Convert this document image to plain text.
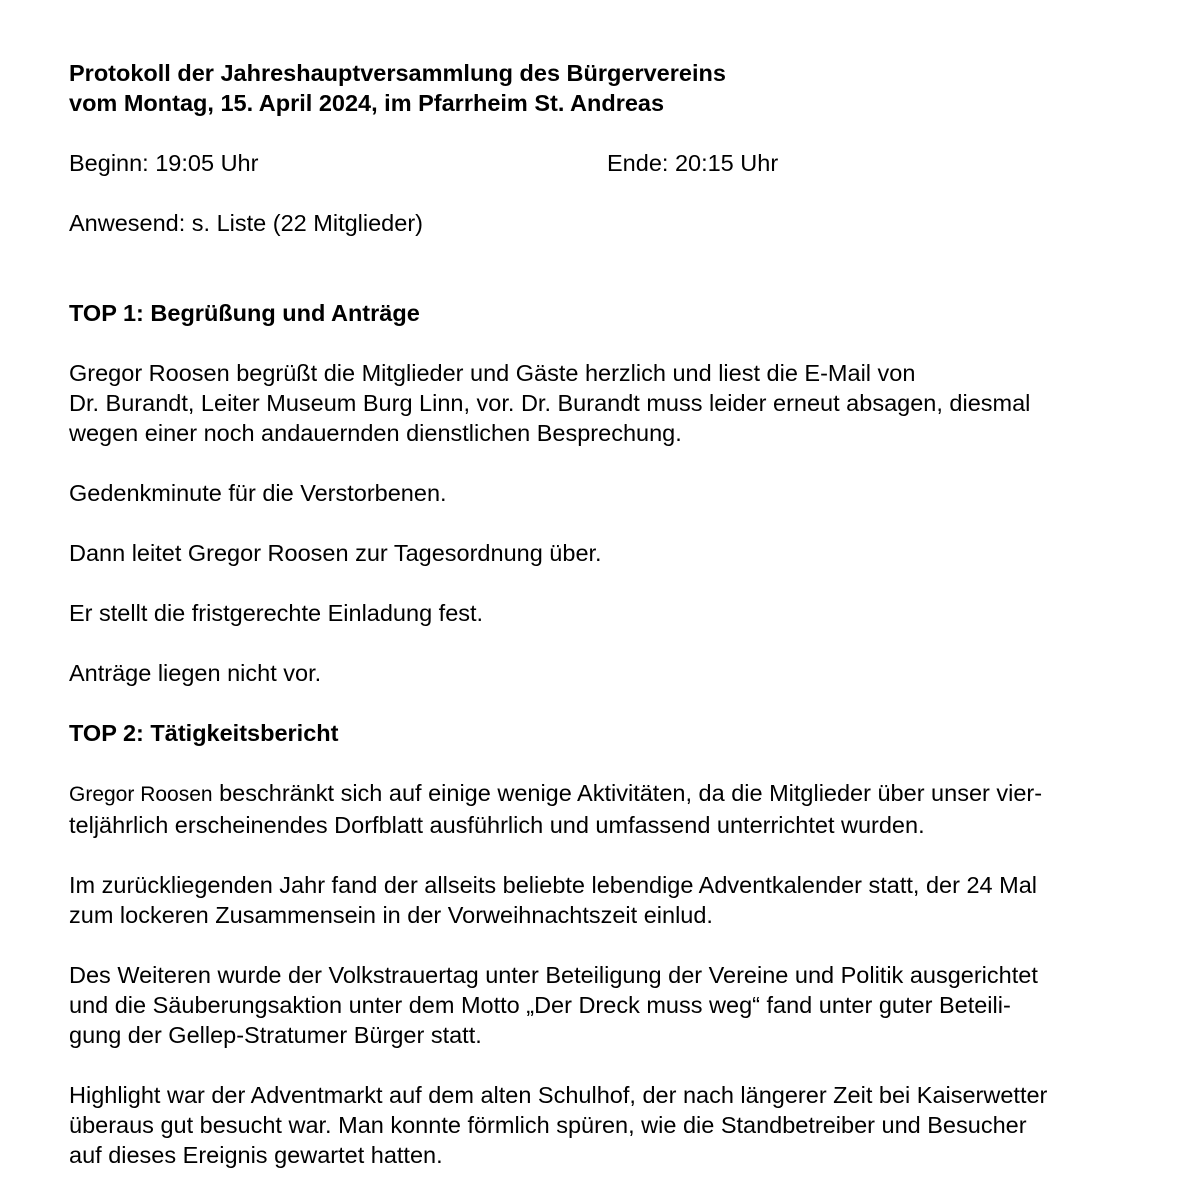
Protokoll der Jahreshauptversammlung des Bürgervereins
vom Montag, 15. April 2024, im Pfarrheim St. Andreas
Beginn: 19:05 Uhr	Ende: 20:15 Uhr
Anwesend: s. Liste (22 Mitglieder)
TOP 1: Begrüßung und Anträge

Gregor Roosen begrüßt die Mitglieder und Gäste herzlich und liest die E-Mail von
Dr. Burandt, Leiter Museum Burg Linn, vor. Dr. Burandt muss leider erneut absagen, diesmal
wegen einer noch andauernden dienstlichen Besprechung.

Gedenkminute für die Verstorbenen.

Dann leitet Gregor Roosen zur Tagesordnung über.

Er stellt die fristgerechte Einladung fest.

Anträge liegen nicht vor.

TOP 2: Tätigkeitsbericht

Gregor Roosen beschränkt sich auf einige wenige Aktivitäten, da die Mitglieder über unser vier-
teljährlich erscheinendes Dorfblatt ausführlich und umfassend unterrichtet wurden.

Im zurückliegenden Jahr fand der allseits beliebte lebendige Adventkalender statt, der 24 Mal
zum lockeren Zusammensein in der Vorweihnachtszeit einlud.

Des Weiteren wurde der Volkstrauertag unter Beteiligung der Vereine und Politik ausgerichtet
und die Säuberungsaktion unter dem Motto „Der Dreck muss weg“ fand unter guter Beteili-
gung der Gellep-Stratumer Bürger statt.

Highlight war der Adventmarkt auf dem alten Schulhof, der nach längerer Zeit bei Kaiserwetter
überaus gut besucht war. Man konnte förmlich spüren, wie die Standbetreiber und Besucher
auf dieses Ereignis gewartet hatten.
